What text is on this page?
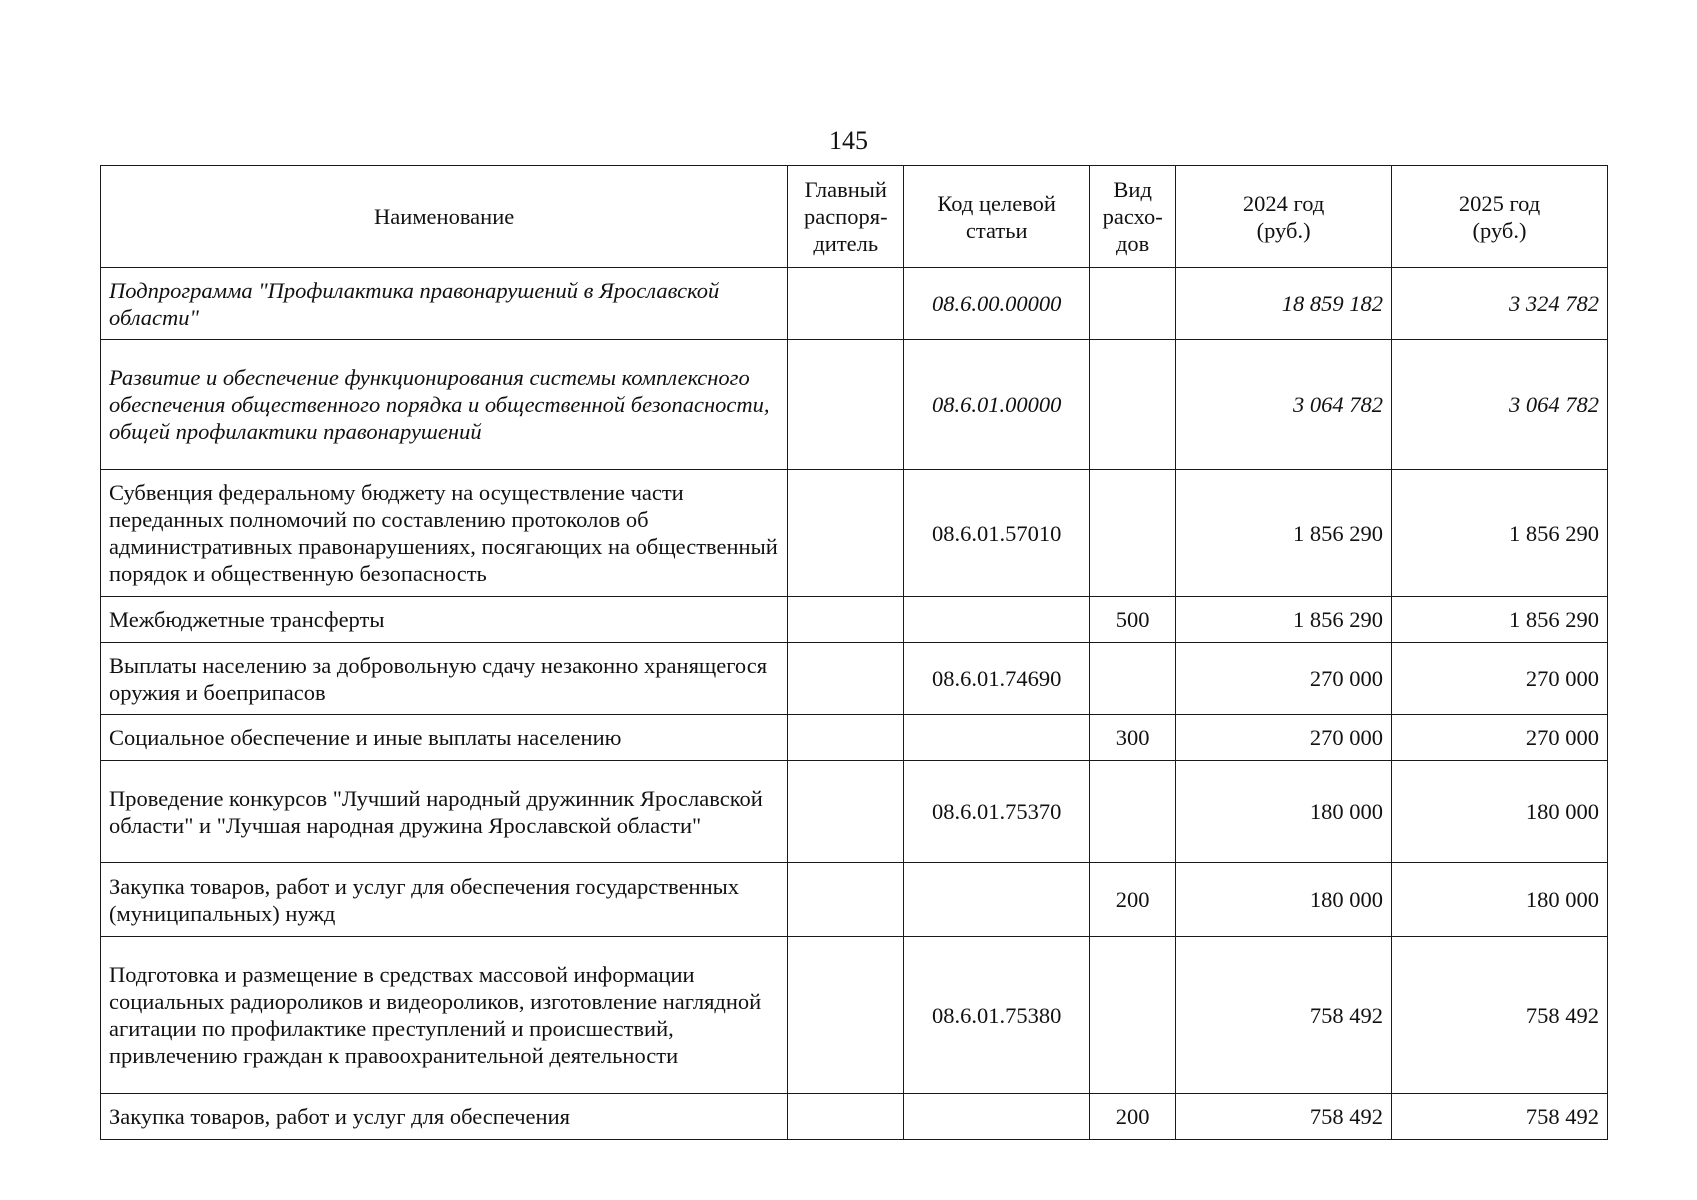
145
Наименование	Главный распоря-дитель	Код целевой статьи	Вид расхо-дов	2024 год (руб.)	2025 год (руб.)
Подпрограмма "Профилактика правонарушений в Ярославской области"		08.6.00.00000		18 859 182	3 324 782
Развитие и обеспечение функционирования системы комплексного обеспечения общественного порядка и общественной безопасности, общей профилактики правонарушений		08.6.01.00000		3 064 782	3 064 782
Субвенция федеральному бюджету на осуществление части переданных полномочий по составлению протоколов об административных правонарушениях, посягающих на общественный порядок и общественную безопасность		08.6.01.57010		1 856 290	1 856 290
Межбюджетные трансферты			500	1 856 290	1 856 290
Выплаты населению за добровольную сдачу незаконно хранящегося оружия и боеприпасов		08.6.01.74690		270 000	270 000
Социальное обеспечение и иные выплаты населению			300	270 000	270 000
Проведение конкурсов "Лучший народный дружинник Ярославской области" и "Лучшая народная дружина Ярославской области"		08.6.01.75370		180 000	180 000
Закупка товаров, работ и услуг для обеспечения государственных (муниципальных) нужд			200	180 000	180 000
Подготовка и размещение в средствах массовой информации социальных радиороликов и видеороликов, изготовление наглядной агитации по профилактике преступлений и происшествий, привлечению граждан к правоохранительной деятельности		08.6.01.75380		758 492	758 492
Закупка товаров, работ и услуг для обеспечения			200	758 492	758 492
